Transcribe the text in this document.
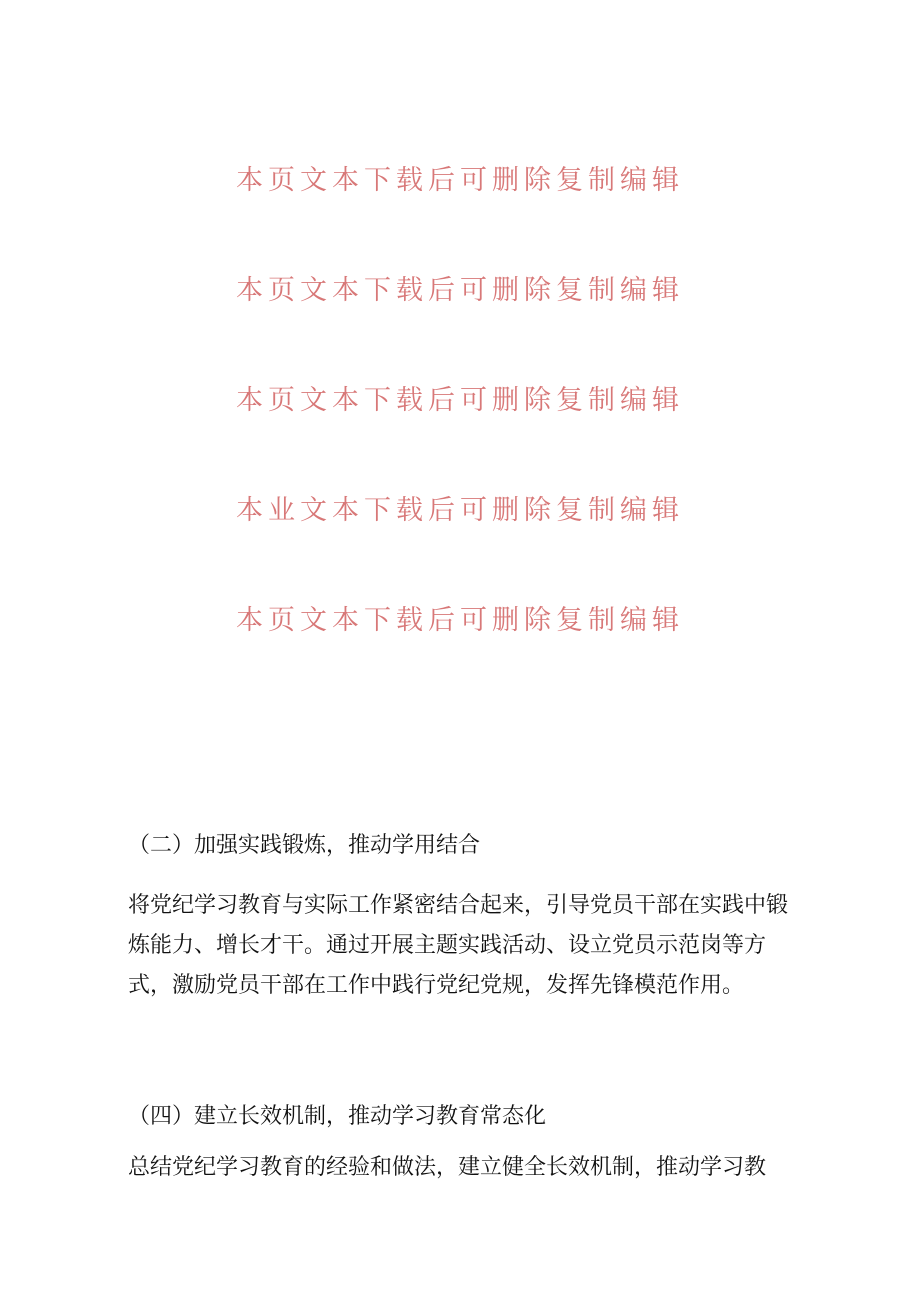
本页文本下载后可删除复制编辑
本页文本下载后可删除复制编辑
本页文本下载后可删除复制编辑
本业文本下载后可删除复制编辑
本页文本下载后可删除复制编辑
（二）加强实践锻炼，推动学用结合
将党纪学习教育与实际工作紧密结合起来，引导党员干部在实践中锻炼能力、增长才干。通过开展主题实践活动、设立党员示范岗等方式，激励党员干部在工作中践行党纪党规，发挥先锋模范作用。
（四）建立长效机制，推动学习教育常态化
总结党纪学习教育的经验和做法，建立健全长效机制，推动学习教
